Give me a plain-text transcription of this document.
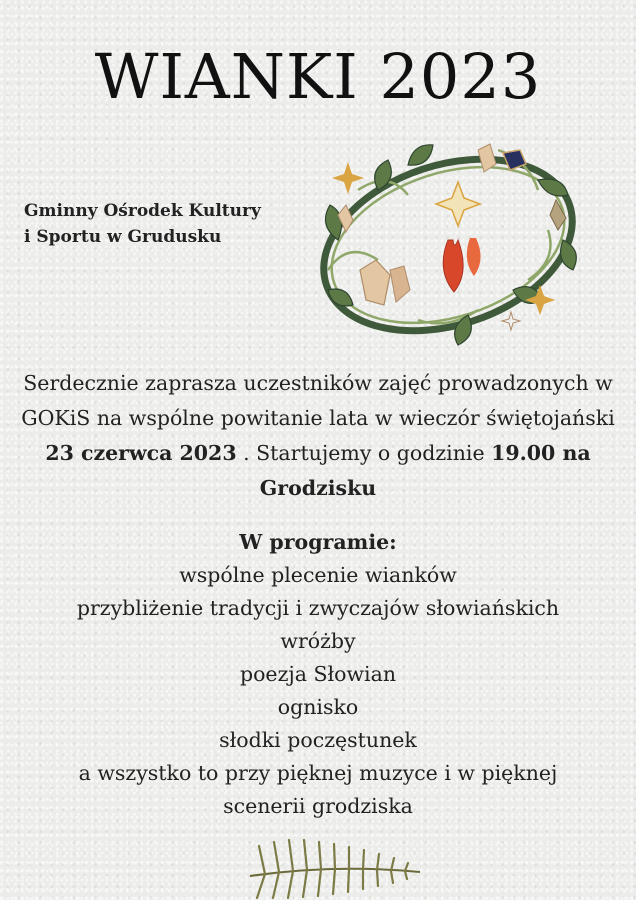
WIANKI 2023
Gminny Ośrodek Kultury
i Sportu w Grudusku
Serdecznie zaprasza uczestników zajęć prowadzonych w GOKiS na wspólne powitanie lata w wieczór świętojański 23 czerwca 2023 . Startujemy o godzinie 19.00 na Grodzisku
W programie:
wspólne plecenie wianków
przybliżenie tradycji i zwyczajów słowiańskich
wróżby
poezja Słowian
ognisko
słodki poczęstunek
a wszystko to przy pięknej muzyce i w pięknej scenerii grodziska
